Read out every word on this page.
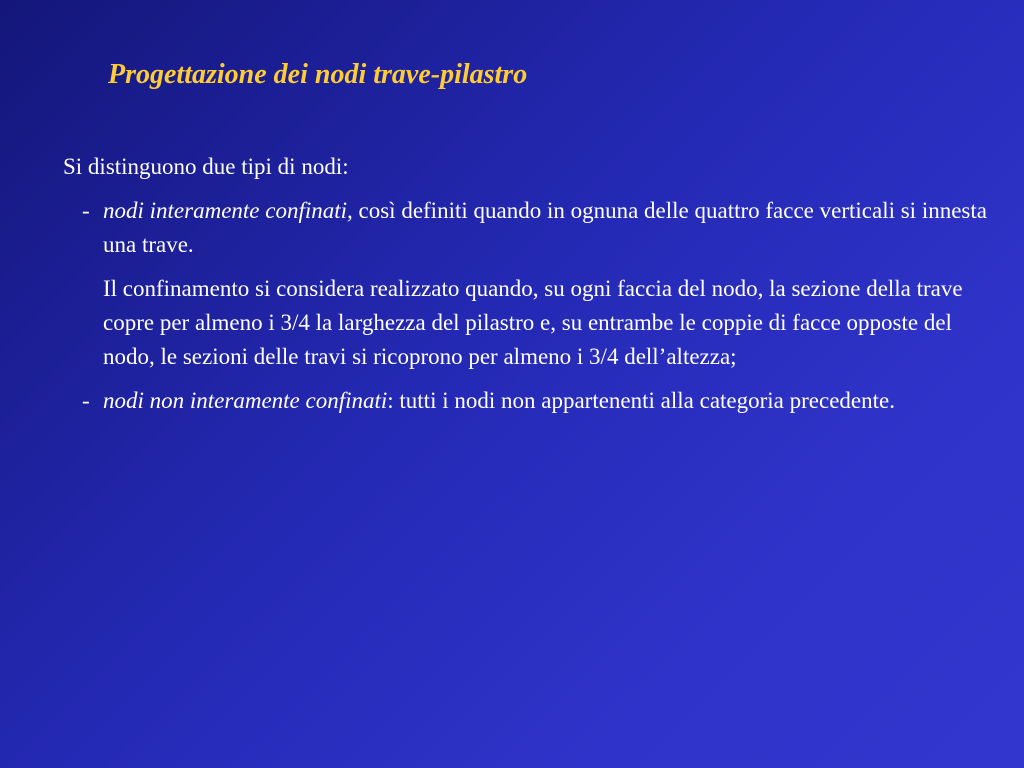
Progettazione dei nodi trave-pilastro

Si distinguono due tipi di nodi:

- nodi interamente confinati, così definiti quando in ognuna delle quattro facce verticali si innesta una trave.

Il confinamento si considera realizzato quando, su ogni faccia del nodo, la sezione della trave copre per almeno i 3/4 la larghezza del pilastro e, su entrambe le coppie di facce opposte del nodo, le sezioni delle travi si ricoprono per almeno i 3/4 dell’altezza;

- nodi non interamente confinati: tutti i nodi non appartenenti alla categoria precedente.
